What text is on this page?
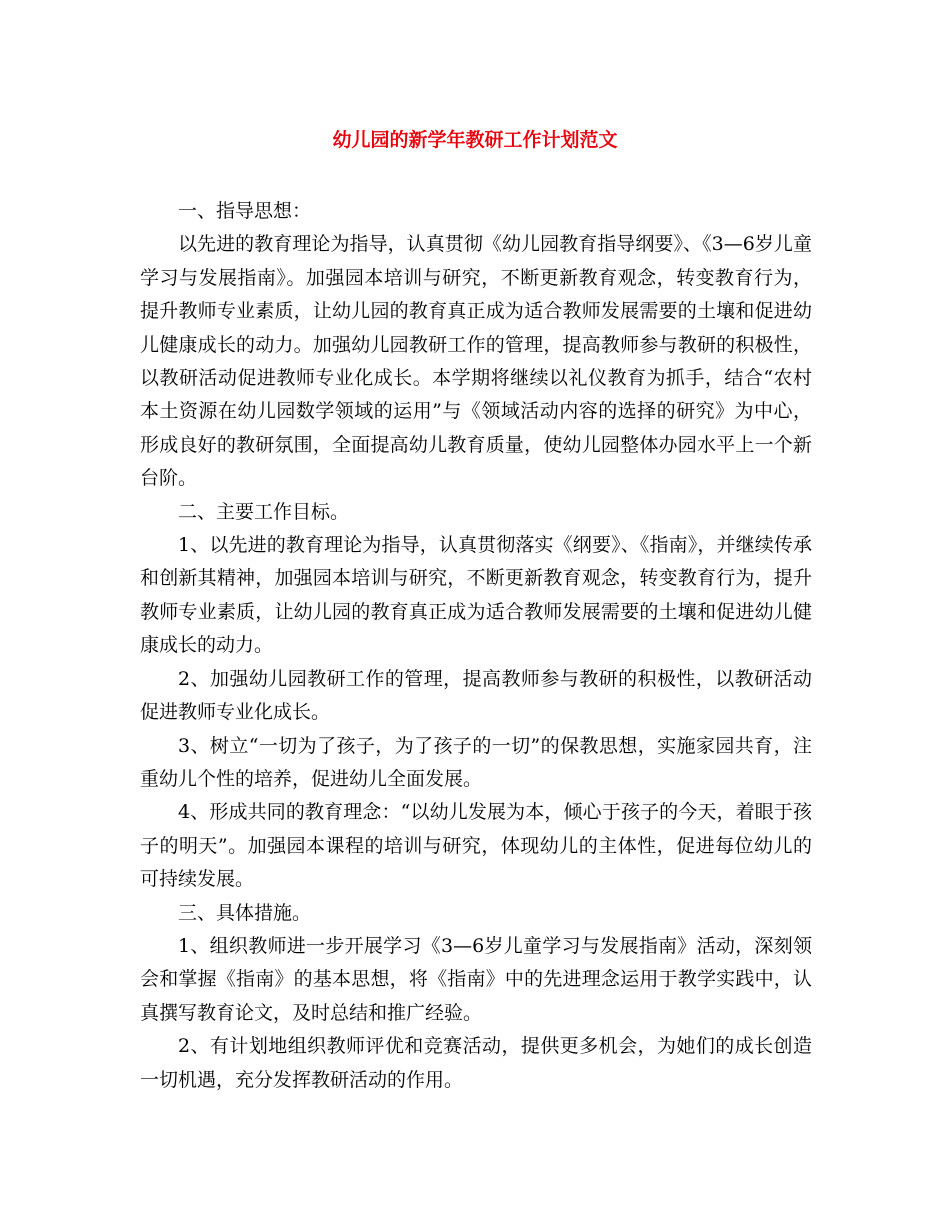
幼儿园的新学年教研工作计划范文

一、指导思想：

以先进的教育理论为指导，认真贯彻《幼儿园教育指导纲要》、《3—6岁儿童学习与发展指南》。加强园本培训与研究，不断更新教育观念，转变教育行为，提升教师专业素质，让幼儿园的教育真正成为适合教师发展需要的土壤和促进幼儿健康成长的动力。加强幼儿园教研工作的管理，提高教师参与教研的积极性，以教研活动促进教师专业化成长。本学期将继续以礼仪教育为抓手，结合“农村本土资源在幼儿园数学领域的运用”与《领域活动内容的选择的研究》为中心，形成良好的教研氛围，全面提高幼儿教育质量，使幼儿园整体办园水平上一个新台阶。

二、主要工作目标。

1、以先进的教育理论为指导，认真贯彻落实《纲要》、《指南》，并继续传承和创新其精神，加强园本培训与研究，不断更新教育观念，转变教育行为，提升教师专业素质，让幼儿园的教育真正成为适合教师发展需要的土壤和促进幼儿健康成长的动力。

2、加强幼儿园教研工作的管理，提高教师参与教研的积极性，以教研活动促进教师专业化成长。

3、树立“一切为了孩子，为了孩子的一切”的保教思想，实施家园共育，注重幼儿个性的培养，促进幼儿全面发展。

4、形成共同的教育理念：“以幼儿发展为本，倾心于孩子的今天，着眼于孩子的明天”。加强园本课程的培训与研究，体现幼儿的主体性，促进每位幼儿的可持续发展。

三、具体措施。

1、组织教师进一步开展学习《3—6岁儿童学习与发展指南》活动，深刻领会和掌握《指南》的基本思想，将《指南》中的先进理念运用于教学实践中，认真撰写教育论文，及时总结和推广经验。

2、有计划地组织教师评优和竞赛活动，提供更多机会，为她们的成长创造一切机遇，充分发挥教研活动的作用。
